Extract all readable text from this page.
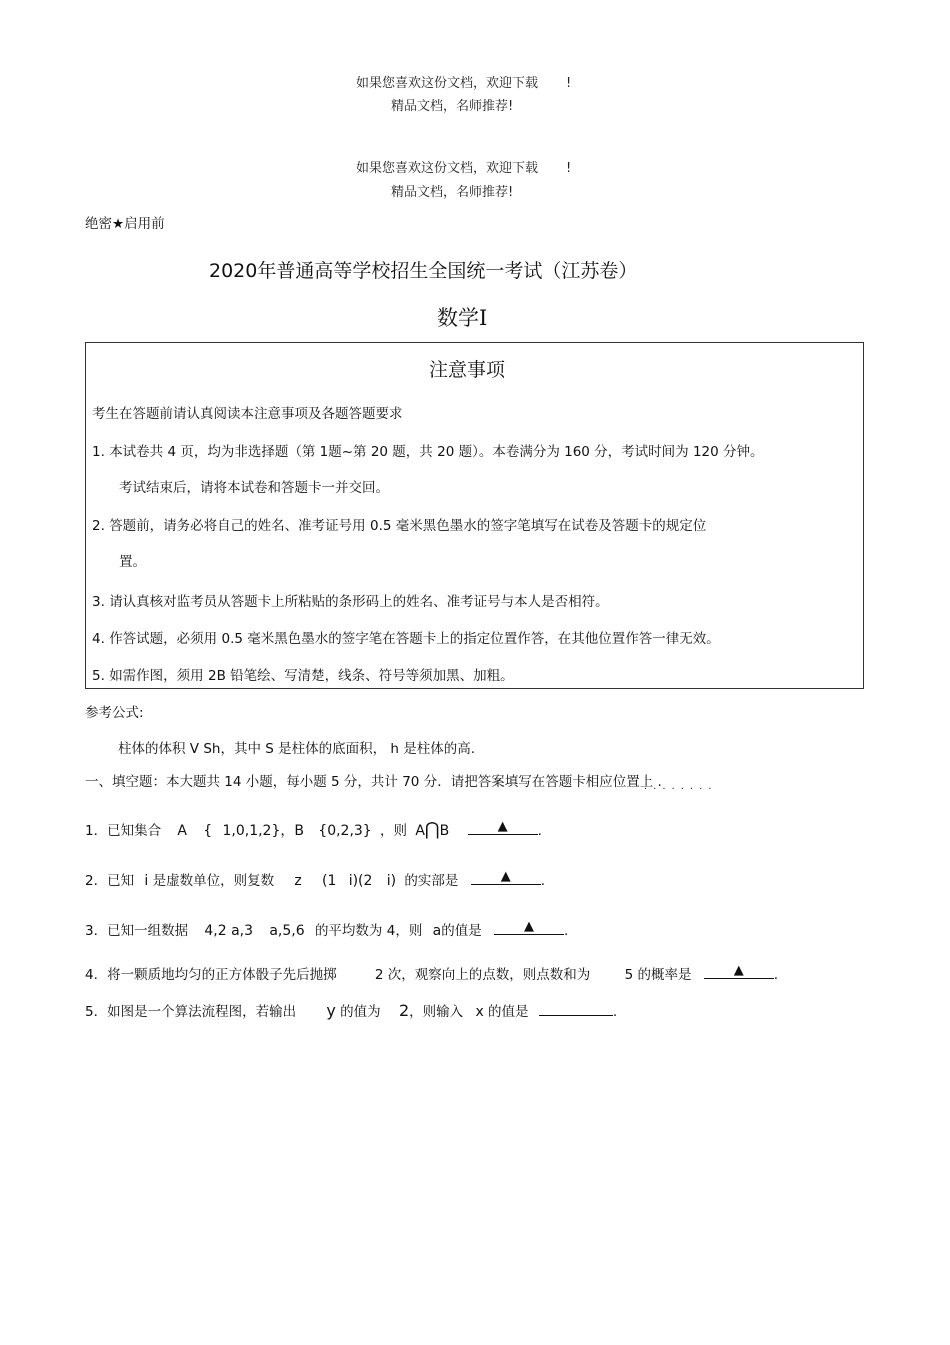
如果您喜欢这份文档，欢迎下载 !
精品文档，名师推荐!
如果您喜欢这份文档，欢迎下载 !
精品文档，名师推荐!
绝密★启用前
2020年普通高等学校招生全国统一考试（江苏卷）
数学Ⅰ
注意事项
考生在答题前请认真阅读本注意事项及各题答题要求
1. 本试卷共 4 页，均为非选择题（第 1题~第 20 题，共 20 题）。本卷满分为 160 分，考试时间为 120 分钟。
考试结束后，请将本试卷和答题卡一并交回。
2. 答题前，请务必将自己的姓名、准考证号用 0.5 毫米黑色墨水的签字笔填写在试卷及答题卡的规定位
置。
3. 请认真核对监考员从答题卡上所粘贴的条形码上的姓名、准考证号与本人是否相符。
4. 作答试题，必须用 0.5 毫米黑色墨水的签字笔在答题卡上的指定位置作答，在其他位置作答一律无效。
5. 如需作图，须用 2B 铅笔绘、写清楚，线条、符号等须加黑、加粗。
参考公式:
柱体的体积 V Sh，其中 S 是柱体的底面积， h 是柱体的高.
一、填空题：本大题共 14 小题，每小题 5 分，共计 70 分．请把答案填写在答题卡相应位置上 .
········
1．已知集合 A { 1,0,1,2}，B {0,2,3} ，则 A⋂B	▲	.
2．已知 i 是虚数单位，则复数 z (1 i)(2 i) 的实部是	▲	.
3．已知一组数据 4,2 a,3 a,5,6 的平均数为 4，则 a的值是	▲	.
4．将一颗质地均匀的正方体骰子先后抛掷	2 次，观察向上的点数，则点数和为	5 的概率是	▲	.
5．如图是一个算法流程图，若输出 y 的值为 2，则输入 x 的值是	.
